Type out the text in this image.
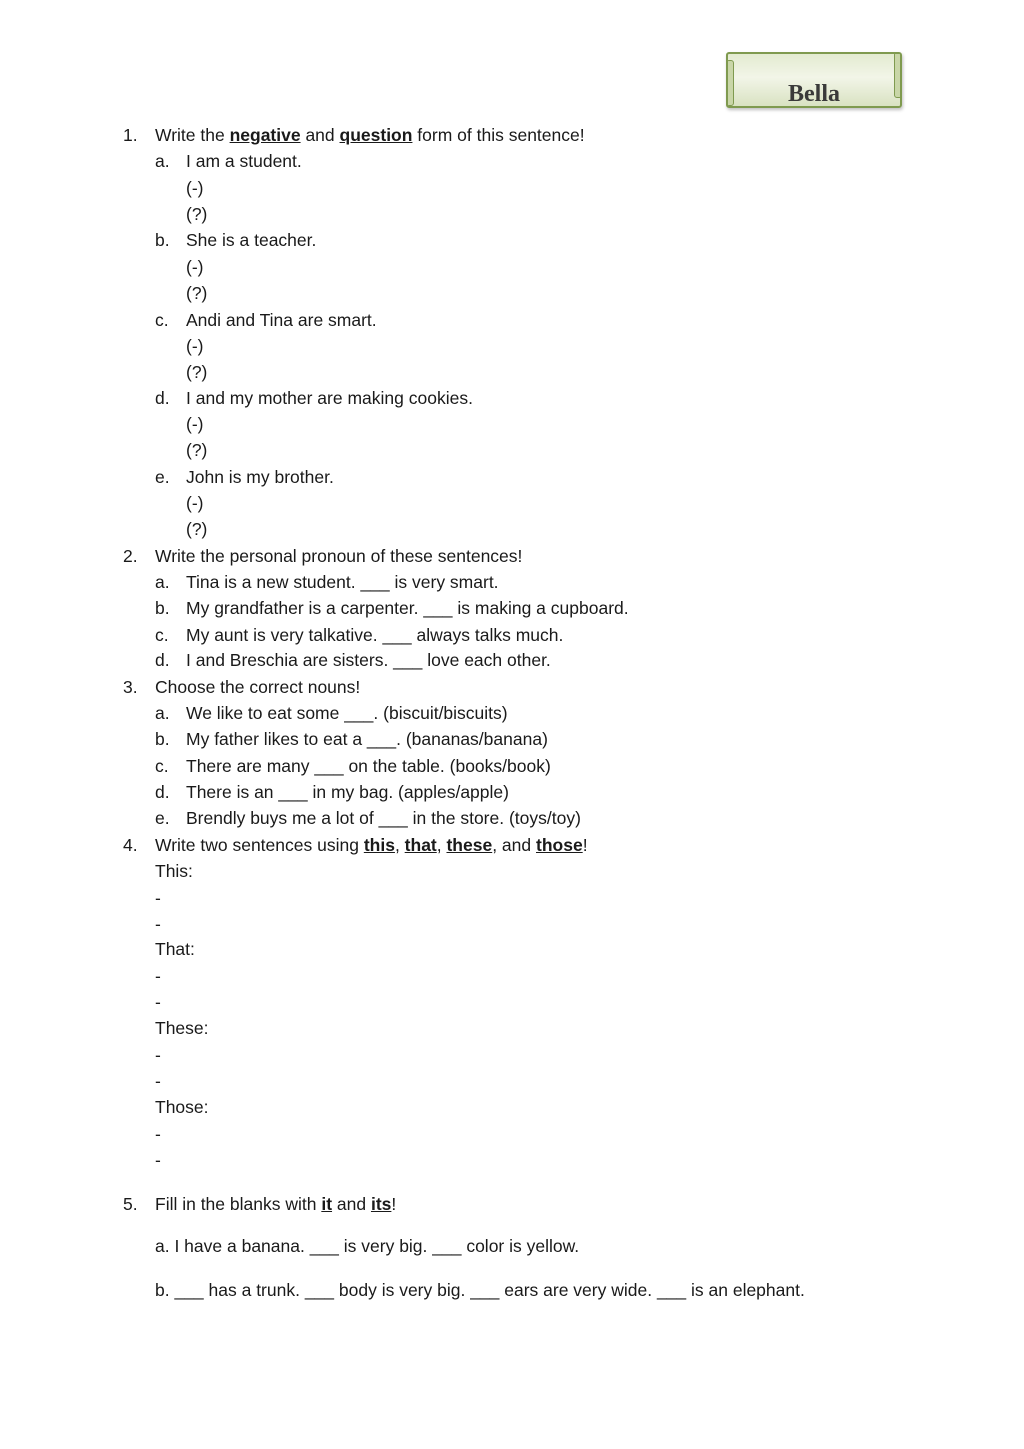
Bella
1. Write the negative and question form of this sentence!
a. I am a student.
(-)
(?)
b. She is a teacher.
(-)
(?)
c. Andi and Tina are smart.
(-)
(?)
d. I and my mother are making cookies.
(-)
(?)
e. John is my brother.
(-)
(?)
2. Write the personal pronoun of these sentences!
a. Tina is a new student. ___ is very smart.
b. My grandfather is a carpenter. ___ is making a cupboard.
c. My aunt is very talkative. ___ always talks much.
d. I and Breschia are sisters. ___ love each other.
3. Choose the correct nouns!
a. We like to eat some ___. (biscuit/biscuits)
b. My father likes to eat a ___. (bananas/banana)
c. There are many ___ on the table. (books/book)
d. There is an ___ in my bag. (apples/apple)
e. Brendly buys me a lot of ___ in the store. (toys/toy)
4. Write two sentences using this, that, these, and those!
This:
-
-
That:
-
-
These:
-
-
Those:
-
-
5. Fill in the blanks with it and its!
a. I have a banana. ___ is very big. ___ color is yellow.
b. ___ has a trunk. ___ body is very big. ___ ears are very wide. ___ is an elephant.
